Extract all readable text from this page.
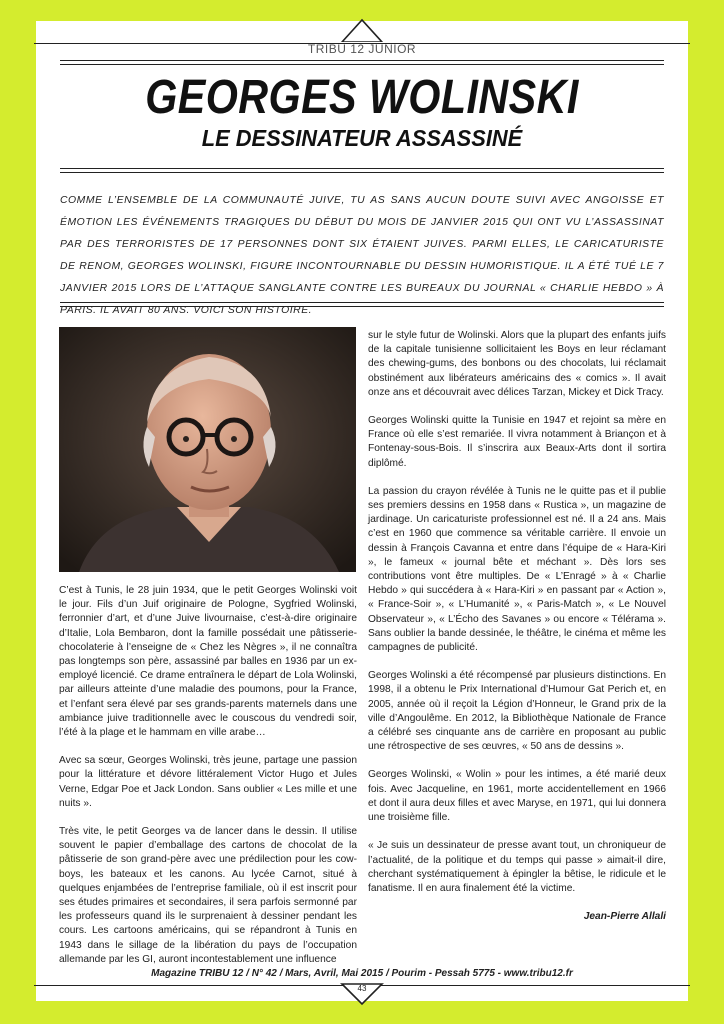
TRIBU 12 JUNIOR
GEORGES WOLINSKI
LE DESSINATEUR ASSASSINÉ
COMME L’ENSEMBLE DE LA COMMUNAUTÉ JUIVE, TU AS SANS AUCUN DOUTE SUIVI AVEC ANGOISSE ET ÉMOTION LES ÉVÉNEMENTS TRAGIQUES DU DÉBUT DU MOIS DE JANVIER 2015 QUI ONT VU L’ASSASSINAT PAR DES TERRORISTES DE 17 PERSONNES DONT SIX ÉTAIENT JUIVES. PARMI ELLES, LE CARICATURISTE DE RENOM, GEORGES WOLINSKI, FIGURE INCONTOURNABLE DU DESSIN HUMORISTIQUE. IL A ÉTÉ TUÉ LE 7 JANVIER 2015 LORS DE L’ATTAQUE SANGLANTE CONTRE LES BUREAUX DU JOURNAL « CHARLIE HEBDO » À PARIS. IL AVAIT 80 ANS. VOICI SON HISTOIRE.

C’est à Tunis, le 28 juin 1934, que le petit Georges Wolinski voit le jour. Fils d’un Juif originaire de Pologne, Sygfried Wolinski, ferronnier d’art, et d’une Juive livournaise, c’est-à-dire originaire d’Italie, Lola Bembaron, dont la famille possédait une pâtisserie-chocolaterie à l’enseigne de « Chez les Nègres », il ne connaîtra pas longtemps son père, assassiné par balles en 1936 par un ex-employé licencié. Ce drame entraînera le départ de Lola Wolinski, par ailleurs atteinte d’une maladie des poumons, pour la France, et l’enfant sera élevé par ses grands-parents maternels dans une ambiance juive traditionnelle avec le couscous du vendredi soir, l’été à la plage et le hammam en ville arabe…

Avec sa sœur, Georges Wolinski, très jeune, partage une passion pour la littérature et dévore littéralement Victor Hugo et Jules Verne, Edgar Poe et Jack London. Sans oublier « Les mille et une nuits ».

Très vite, le petit Georges va de lancer dans le dessin. Il utilise souvent le papier d’emballage des cartons de chocolat de la pâtisserie de son grand-père avec une prédilection pour les cow-boys, les bateaux et les canons. Au lycée Carnot, situé à quelques enjambées de l’entreprise familiale, où il est inscrit pour ses études primaires et secondaires, il sera parfois sermonné par les professeurs quand ils le surprenaient à dessiner pendant les cours. Les cartoons américains, qui se répandront à Tunis en 1943 dans le sillage de la libération du pays de l’occupation allemande par les GI, auront incontestablement une influence

sur le style futur de Wolinski. Alors que la plupart des enfants juifs de la capitale tunisienne sollicitaient les Boys en leur réclamant des chewing-gums, des bonbons ou des chocolats, lui réclamait obstinément aux libérateurs américains des « comics ». Il avait onze ans et découvrait avec délices Tarzan, Mickey et Dick Tracy.

Georges Wolinski quitte la Tunisie en 1947 et rejoint sa mère en France où elle s’est remariée. Il vivra notamment à Briançon et à Fontenay-sous-Bois. Il s’inscrira aux Beaux-Arts dont il sortira diplômé.

La passion du crayon révélée à Tunis ne le quitte pas et il publie ses premiers dessins en 1958 dans « Rustica », un magazine de jardinage. Un caricaturiste professionnel est né. Il a 24 ans. Mais c’est en 1960 que commence sa véritable carrière. Il envoie un dessin à François Cavanna et entre dans l’équipe de « Hara-Kiri », le fameux « journal bête et méchant ». Dès lors ses contributions vont être multiples. De « L’Enragé » à « Charlie Hebdo » qui succédera à « Hara-Kiri » en passant par « Action », « France-Soir », « L’Humanité », « Paris-Match », « Le Nouvel Observateur », « L’Écho des Savanes » ou encore « Télérama ». Sans oublier la bande dessinée, le théâtre, le cinéma et même les campagnes de publicité.

Georges Wolinski a été récompensé par plusieurs distinctions. En 1998, il a obtenu le Prix International d’Humour Gat Perich et, en 2005, année où il reçoit la Légion d’Honneur, le Grand prix de la ville d’Angoulême. En 2012, la Bibliothèque Nationale de France a célébré ses cinquante ans de carrière en proposant au public une rétrospective de ses œuvres, « 50 ans de dessins ».

Georges Wolinski, « Wolin » pour les intimes, a été marié deux fois. Avec Jacqueline, en 1961, morte accidentellement en 1966 et dont il aura deux filles et avec Maryse, en 1971, qui lui donnera une troisième fille.

« Je suis un dessinateur de presse avant tout, un chroniqueur de l’actualité, de la politique et du temps qui passe » aimait-il dire, cherchant systématiquement à épingler la bêtise, le ridicule et le fanatisme. Il en aura finalement été la victime.

Jean-Pierre Allali
Magazine TRIBU 12 / N° 42 / Mars, Avril, Mai 2015 / Pourim - Pessah 5775 - www.tribu12.fr
43
